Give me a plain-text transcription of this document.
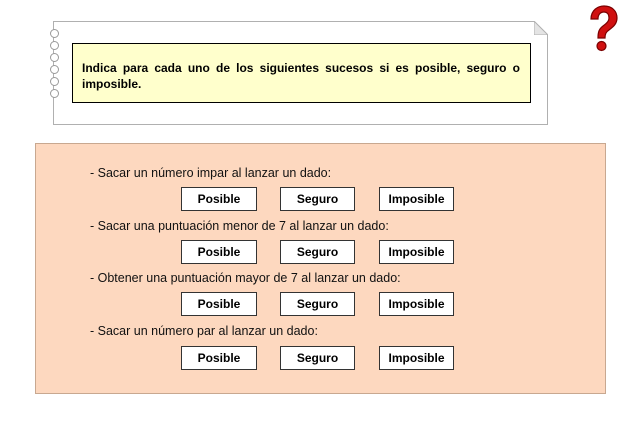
Indica para cada uno de los siguientes sucesos si es posible, seguro o imposible.
- Sacar un número impar al lanzar un dado:
Posible	Seguro	Imposible
- Sacar una puntuación menor de 7 al lanzar un dado:
Posible	Seguro	Imposible
- Obtener una puntuación mayor de 7 al lanzar un dado:
Posible	Seguro	Imposible
- Sacar un número par al lanzar un dado:
Posible	Seguro	Imposible
